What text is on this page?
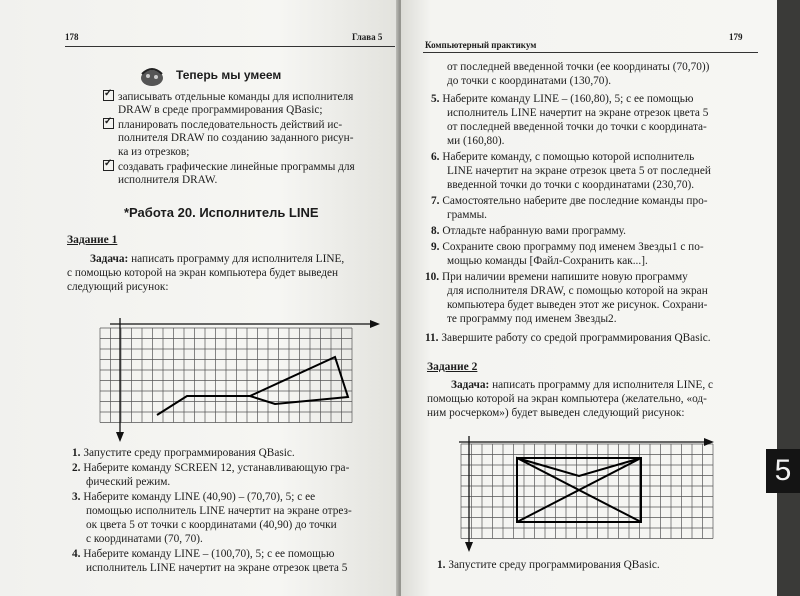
178	Глава 5
Теперь мы умеем
✓записывать отдельные команды для исполнителя
DRAW в среде программирования QBasic;
✓планировать последовательность действий ис-
полнителя DRAW по созданию заданного рисун-
ка из отрезков;
✓создавать графические линейные программы для
исполнителя DRAW.
*Работа 20. Исполнитель LINE
Задание 1
Задача: написать программу для исполнителя LINE,
с помощью которой на экран компьютера будет выведен
следующий рисунок:
1. Запустите среду программирования QBasic.
2. Наберите команду SCREEN 12, устанавливающую гра-
фический режим.
3. Наберите команду LINE (40,90) – (70,70), 5; с ее
помощью исполнитель LINE начертит на экране отрез-
ок цвета 5 от точки с координатами (40,90) до точки
с координатами (70, 70).
4. Наберите команду LINE – (100,70), 5; с ее помощью
исполнитель LINE начертит на экране отрезок цвета 5
Компьютерный практикум
179
от последней введенной точки (ее координаты (70,70))
до точки с координатами (130,70).
5. Наберите команду LINE – (160,80), 5; с ее помощью
исполнитель LINE начертит на экране отрезок цвета 5
от последней введенной точки до точки с координата-
ми (160,80).
6. Наберите команду, с помощью которой исполнитель
LINE начертит на экране отрезок цвета 5 от последней
введенной точки до точки с координатами (230,70).
7. Самостоятельно наберите две последние команды про-
граммы.
8. Отладьте набранную вами программу.
9. Сохраните свою программу под именем Звезды1 с по-
мощью команды [Файл-Сохранить как...].
10. При наличии времени напишите новую программу
для исполнителя DRAW, с помощью которой на экран
компьютера будет выведен этот же рисунок. Сохрани-
те программу под именем Звезды2.
11. Завершите работу со средой программирования QBasic.
Задание 2
Задача: написать программу для исполнителя LINE, с
помощью которой на экран компьютера (желательно, «од-
ним росчерком») будет выведен следующий рисунок:
1. Запустите среду программирования QBasic.
5
